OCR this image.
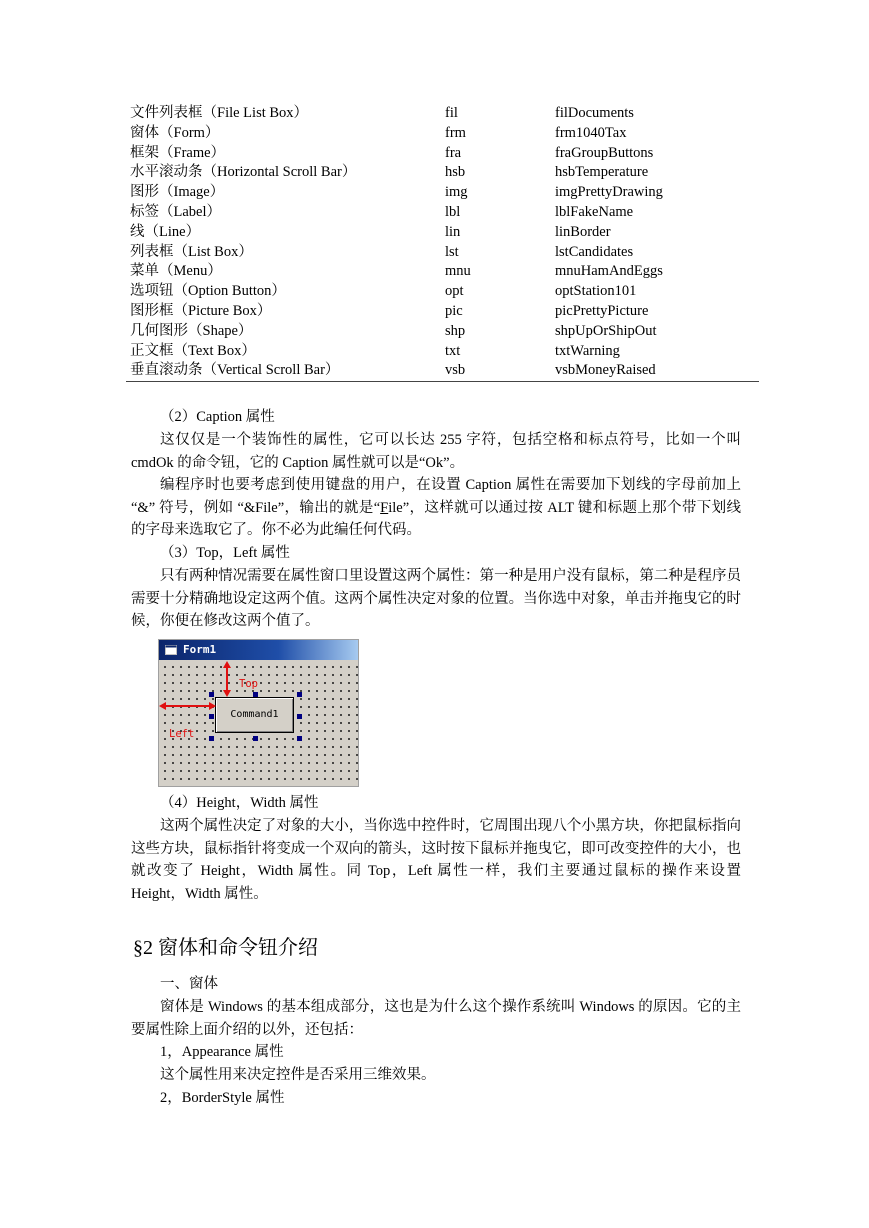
文件列表框（File List Box）	fil	filDocuments
窗体（Form）	frm	frm1040Tax
框架（Frame）	fra	fraGroupButtons
水平滚动条（Horizontal Scroll Bar）	hsb	hsbTemperature
图形（Image）	img	imgPrettyDrawing
标签（Label）	lbl	lblFakeName
线（Line）	lin	linBorder
列表框（List Box）	lst	lstCandidates
菜单（Menu）	mnu	mnuHamAndEggs
选项钮（Option Button）	opt	optStation101
图形框（Picture Box）	pic	picPrettyPicture
几何图形（Shape）	shp	shpUpOrShipOut
正文框（Text Box）	txt	txtWarning
垂直滚动条（Vertical Scroll Bar）	vsb	vsbMoneyRaised
（2）Caption 属性
这仅仅是一个装饰性的属性，它可以长达 255 字符，包括空格和标点符号，比如一个叫 cmdOk 的命令钮，它的 Caption 属性就可以是“Ok”。
编程序时也要考虑到使用键盘的用户，在设置 Caption 属性在需要加下划线的字母前加上 “&” 符号，例如 “&File”，输出的就是“File”，这样就可以通过按 ALT 键和标题上那个带下划线的字母来选取它了。你不必为此编任何代码。
（3）Top，Left 属性
只有两种情况需要在属性窗口里设置这两个属性：第一种是用户没有鼠标，第二种是程序员需要十分精确地设定这两个值。这两个属性决定对象的位置。当你选中对象，单击并拖曳它的时候，你便在修改这两个值了。
Form1
Command1
Top
Left
（4）Height，Width 属性
这两个属性决定了对象的大小，当你选中控件时，它周围出现八个小黑方块，你把鼠标指向这些方块，鼠标指针将变成一个双向的箭头，这时按下鼠标并拖曳它，即可改变控件的大小，也就改变了 Height，Width 属性。同 Top，Left 属性一样，我们主要通过鼠标的操作来设置 Height，Width 属性。
§2 窗体和命令钮介绍
一、窗体
窗体是 Windows 的基本组成部分，这也是为什么这个操作系统叫 Windows 的原因。它的主要属性除上面介绍的以外，还包括：
1，Appearance 属性
这个属性用来决定控件是否采用三维效果。
2，BorderStyle 属性
